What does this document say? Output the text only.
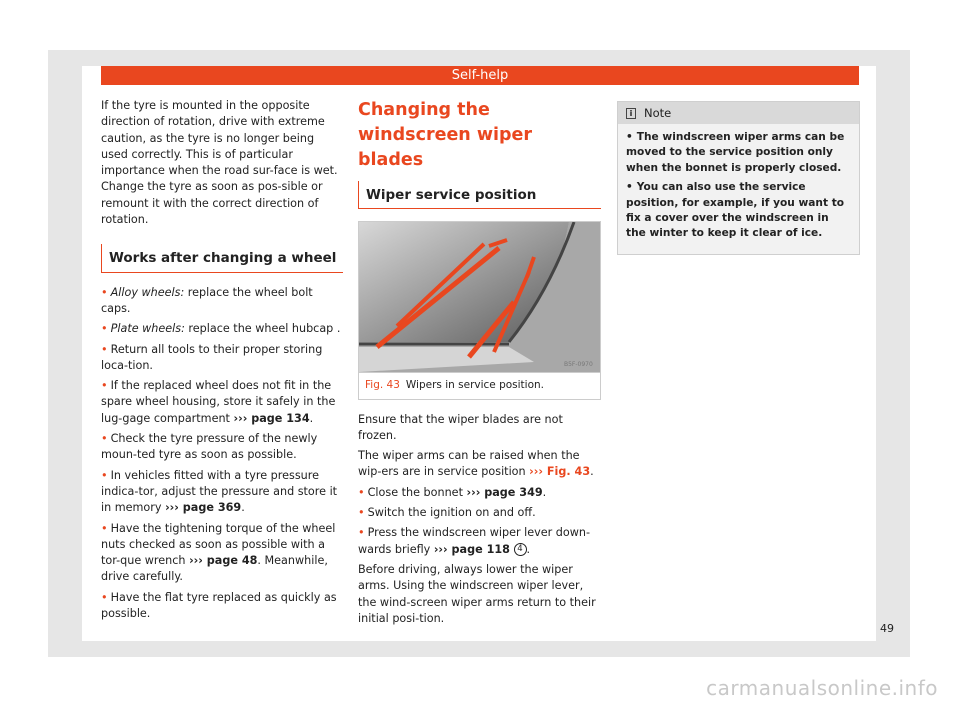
Self-help

If the tyre is mounted in the opposite direction of rotation, drive with extreme caution, as the tyre is no longer being used correctly. This is of particular importance when the road sur-face is wet. Change the tyre as soon as pos-sible or remount it with the correct direction of rotation.

Works after changing a wheel

• Alloy wheels: replace the wheel bolt caps.

• Plate wheels: replace the wheel hubcap .

• Return all tools to their proper storing loca-tion.

• If the replaced wheel does not fit in the spare wheel housing, store it safely in the lug-gage compartment ››› page 134.

• Check the tyre pressure of the newly moun-ted tyre as soon as possible.

• In vehicles fitted with a tyre pressure indica-tor, adjust the pressure and store it in memory ››› page 369.

• Have the tightening torque of the wheel nuts checked as soon as possible with a tor-que wrench ››› page 48. Meanwhile, drive carefully.

• Have the flat tyre replaced as quickly as possible.

Changing the windscreen wiper blades
Wiper service position
B5F-0970
Fig. 43 Wipers in service position.

Ensure that the wiper blades are not frozen.

The wiper arms can be raised when the wip-ers are in service position ››› Fig. 43.

• Close the bonnet ››› page 349.

• Switch the ignition on and off.

• Press the windscreen wiper lever down-wards briefly ››› page 118 4 .

Before driving, always lower the wiper arms. Using the windscreen wiper lever, the wind-screen wiper arms return to their initial posi-tion.

i Note

• The windscreen wiper arms can be moved to the service position only when the bonnet is properly closed.

• You can also use the service position, for example, if you want to fix a cover over the windscreen in the winter to keep it clear of ice.

49
carmanualsonline.info
